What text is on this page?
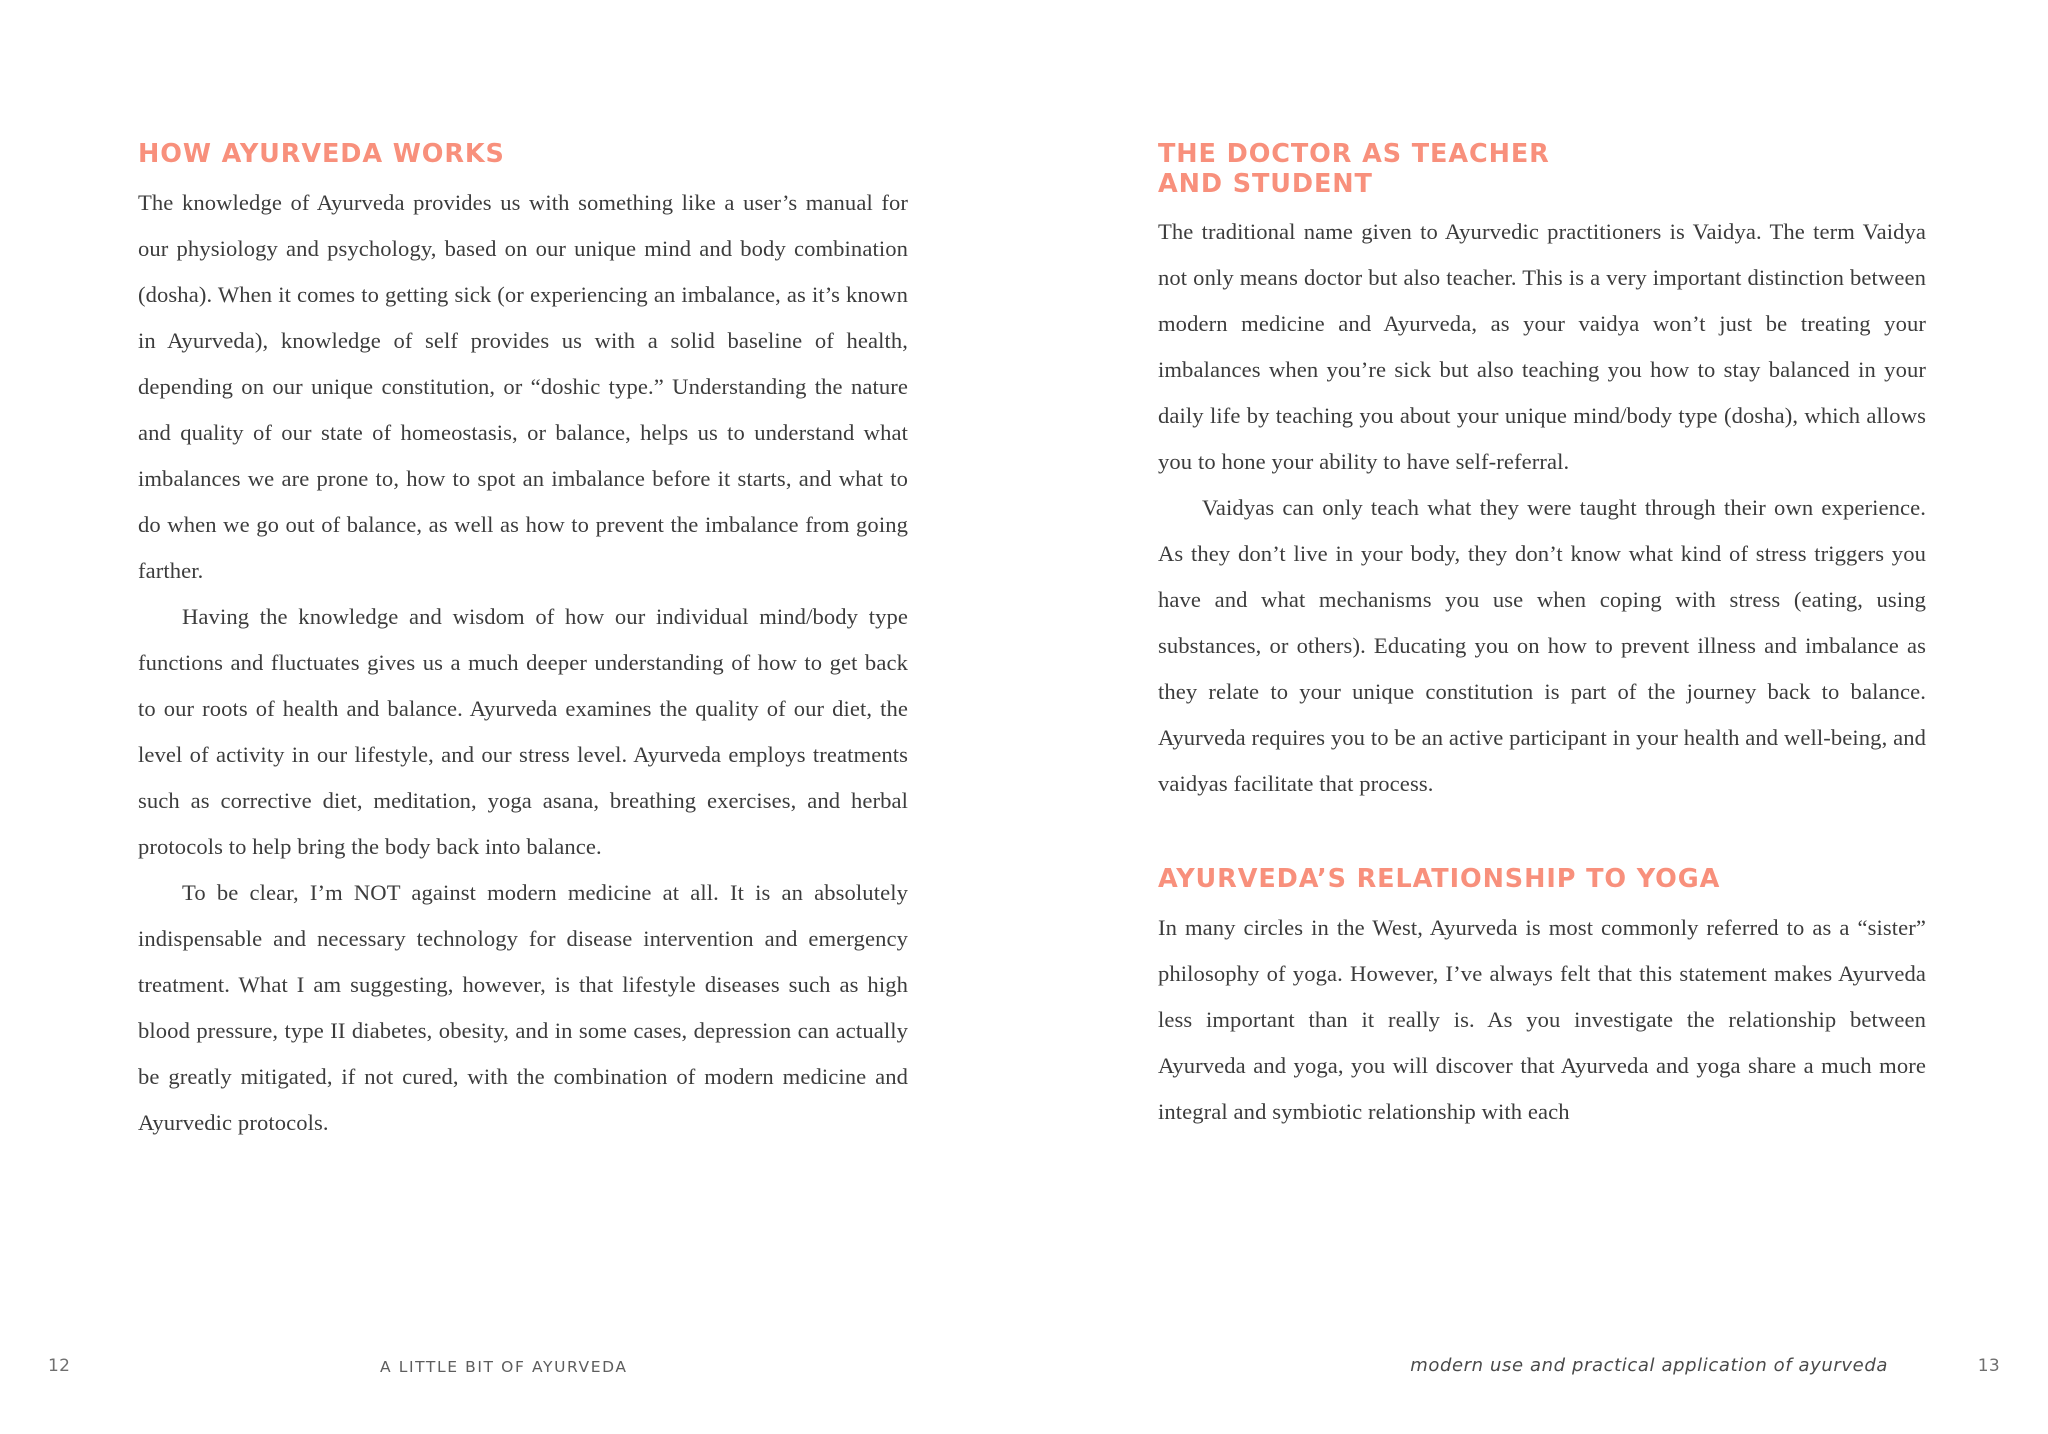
HOW AYURVEDA WORKS

The knowledge of Ayurveda provides us with something like a user’s manual for our physiology and psychology, based on our unique mind and body combination (dosha). When it comes to getting sick (or experiencing an imbalance, as it’s known in Ayurveda), knowledge of self provides us with a solid baseline of health, depending on our unique constitution, or “doshic type.” Understanding the nature and quality of our state of homeostasis, or balance, helps us to understand what imbalances we are prone to, how to spot an imbalance before it starts, and what to do when we go out of balance, as well as how to prevent the imbalance from going farther.

Having the knowledge and wisdom of how our individual mind/body type functions and fluctuates gives us a much deeper understanding of how to get back to our roots of health and balance. Ayurveda examines the quality of our diet, the level of activity in our lifestyle, and our stress level. Ayurveda employs treatments such as corrective diet, meditation, yoga asana, breathing exercises, and herbal protocols to help bring the body back into balance.

To be clear, I’m NOT against modern medicine at all. It is an absolutely indispensable and necessary technology for disease intervention and emergency treatment. What I am suggesting, however, is that lifestyle diseases such as high blood pressure, type II diabetes, obesity, and in some cases, depression can actually be greatly mitigated, if not cured, with the combination of modern medicine and Ayurvedic protocols.

12	A LITTLE BIT OF AYURVEDA
THE DOCTOR AS TEACHER
AND STUDENT

The traditional name given to Ayurvedic practitioners is Vaidya. The term Vaidya not only means doctor but also teacher. This is a very important distinction between modern medicine and Ayurveda, as your vaidya won’t just be treating your imbalances when you’re sick but also teaching you how to stay balanced in your daily life by teaching you about your unique mind/body type (dosha), which allows you to hone your ability to have self-referral.

Vaidyas can only teach what they were taught through their own experience. As they don’t live in your body, they don’t know what kind of stress triggers you have and what mechanisms you use when coping with stress (eating, using substances, or others). Educating you on how to prevent illness and imbalance as they relate to your unique constitution is part of the journey back to balance. Ayurveda requires you to be an active participant in your health and well-being, and vaidyas facilitate that process.

AYURVEDA’S RELATIONSHIP TO YOGA

In many circles in the West, Ayurveda is most commonly referred to as a “sister” philosophy of yoga. However, I’ve always felt that this statement makes Ayurveda less important than it really is. As you investigate the relationship between Ayurveda and yoga, you will discover that Ayurveda and yoga share a much more integral and symbiotic relationship with each

modern use and practical application of ayurveda	13
